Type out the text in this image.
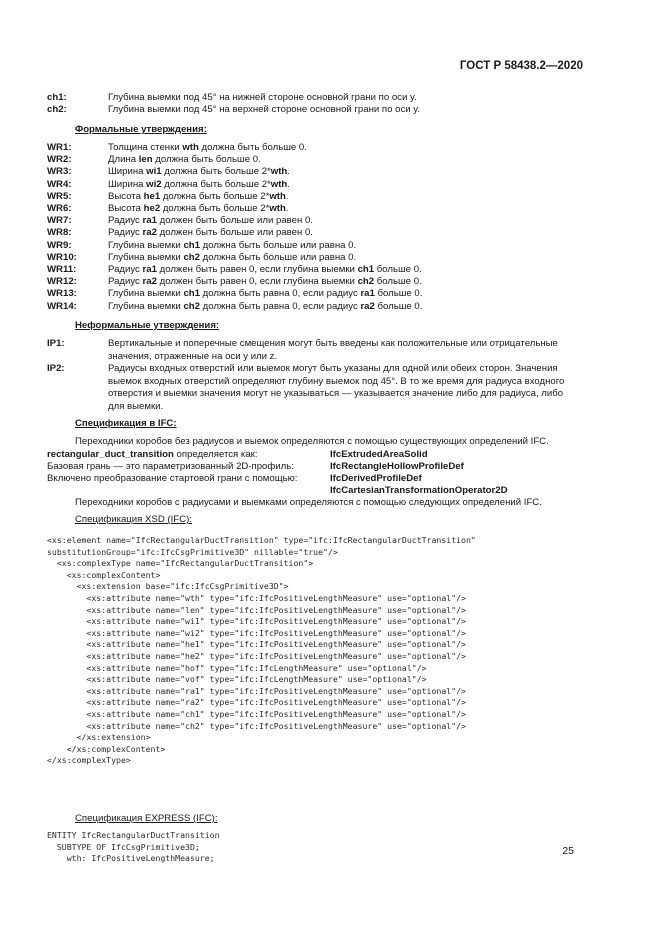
ГОСТ Р 58438.2—2020
ch1:	Глубина выемки под 45° на нижней стороне основной грани по оси y.
ch2:	Глубина выемки под 45° на верхней стороне основной грани по оси y.
Формальные утверждения:
WR1:	Толщина стенки wth должна быть больше 0.
WR2:	Длина len должна быть больше 0.
WR3:	Ширина wi1 должна быть больше 2*wth.
WR4:	Ширина wi2 должна быть больше 2*wth.
WR5:	Высота he1 должна быть больше 2*wth.
WR6:	Высота he2 должна быть больше 2*wth.
WR7:	Радиус ra1 должен быть больше или равен 0.
WR8:	Радиус ra2 должен быть больше или равен 0.
WR9:	Глубина выемки ch1 должна быть больше или равна 0.
WR10:	Глубина выемки ch2 должна быть больше или равна 0.
WR11:	Радиус ra1 должен быть равен 0, если глубина выемки ch1 больше 0.
WR12:	Радиус ra2 должен быть равен 0, если глубина выемки ch2 больше 0.
WR13:	Глубина выемки ch1 должна быть равна 0, если радиус ra1 больше 0.
WR14:	Глубина выемки ch2 должна быть равна 0, если радиус ra2 больше 0.
Неформальные утверждения:
IP1:	Вертикальные и поперечные смещения могут быть введены как положительные или отрицательные
значения, отраженные на оси y или z.
IP2:	Радиусы входных отверстий или выемок могут быть указаны для одной или обеих сторон. Значения
выемок входных отверстий определяют глубину выемок под 45°. В то же время для радиуса входного
отверстия и выемки значения могут не указываться — указывается значение либо для радиуса, либо
для выемки.
Спецификация в IFC:
Переходники коробов без радиусов и выемок определяются с помощью существующих определений IFC.
rectangular_duct_transition определяется как:	IfcExtrudedAreaSolid
Базовая грань — это параметризованный 2D-профиль:	IfcRectangleHollowProfileDef
Включено преобразование стартовой грани с помощью:	IfcDerivedProfileDef
IfcCartesianTransformationOperator2D
Переходники коробов с радиусами и выемками определяются с помощью следующих определений IFC.
Спецификация XSD (IFC):
<xs:element name="IfcRectangularDuctTransition" type="ifc:IfcRectangularDuctTransition"
substitutionGroup="ifc:IfcCsgPrimitive3D" nillable="true"/>
<xs:complexType name="IfcRectangularDuctTransition">
<xs:complexContent>
<xs:extension base="ifc:IfcCsgPrimitive3D">
<xs:attribute name="wth" type="ifc:IfcPositiveLengthMeasure" use="optional"/>
<xs:attribute name="len" type="ifc:IfcPositiveLengthMeasure" use="optional"/>
<xs:attribute name="wi1" type="ifc:IfcPositiveLengthMeasure" use="optional"/>
<xs:attribute name="wi2" type="ifc:IfcPositiveLengthMeasure" use="optional"/>
<xs:attribute name="he1" type="ifc:IfcPositiveLengthMeasure" use="optional"/>
<xs:attribute name="he2" type="ifc:IfcPositiveLengthMeasure" use="optional"/>
<xs:attribute name="hof" type="ifc:IfcLengthMeasure" use="optional"/>
<xs:attribute name="vof" type="ifc:IfcLengthMeasure" use="optional"/>
<xs:attribute name="ra1" type="ifc:IfcPositiveLengthMeasure" use="optional"/>
<xs:attribute name="ra2" type="ifc:IfcPositiveLengthMeasure" use="optional"/>
<xs:attribute name="ch1" type="ifc:IfcPositiveLengthMeasure" use="optional"/>
<xs:attribute name="ch2" type="ifc:IfcPositiveLengthMeasure" use="optional"/>
</xs:extension>
</xs:complexContent>
</xs:complexType>
Спецификация EXPRESS (IFC):
ENTITY IfcRectangularDuctTransition
SUBTYPE OF IfcCsgPrimitive3D;
wth: IfcPositiveLengthMeasure;
25
